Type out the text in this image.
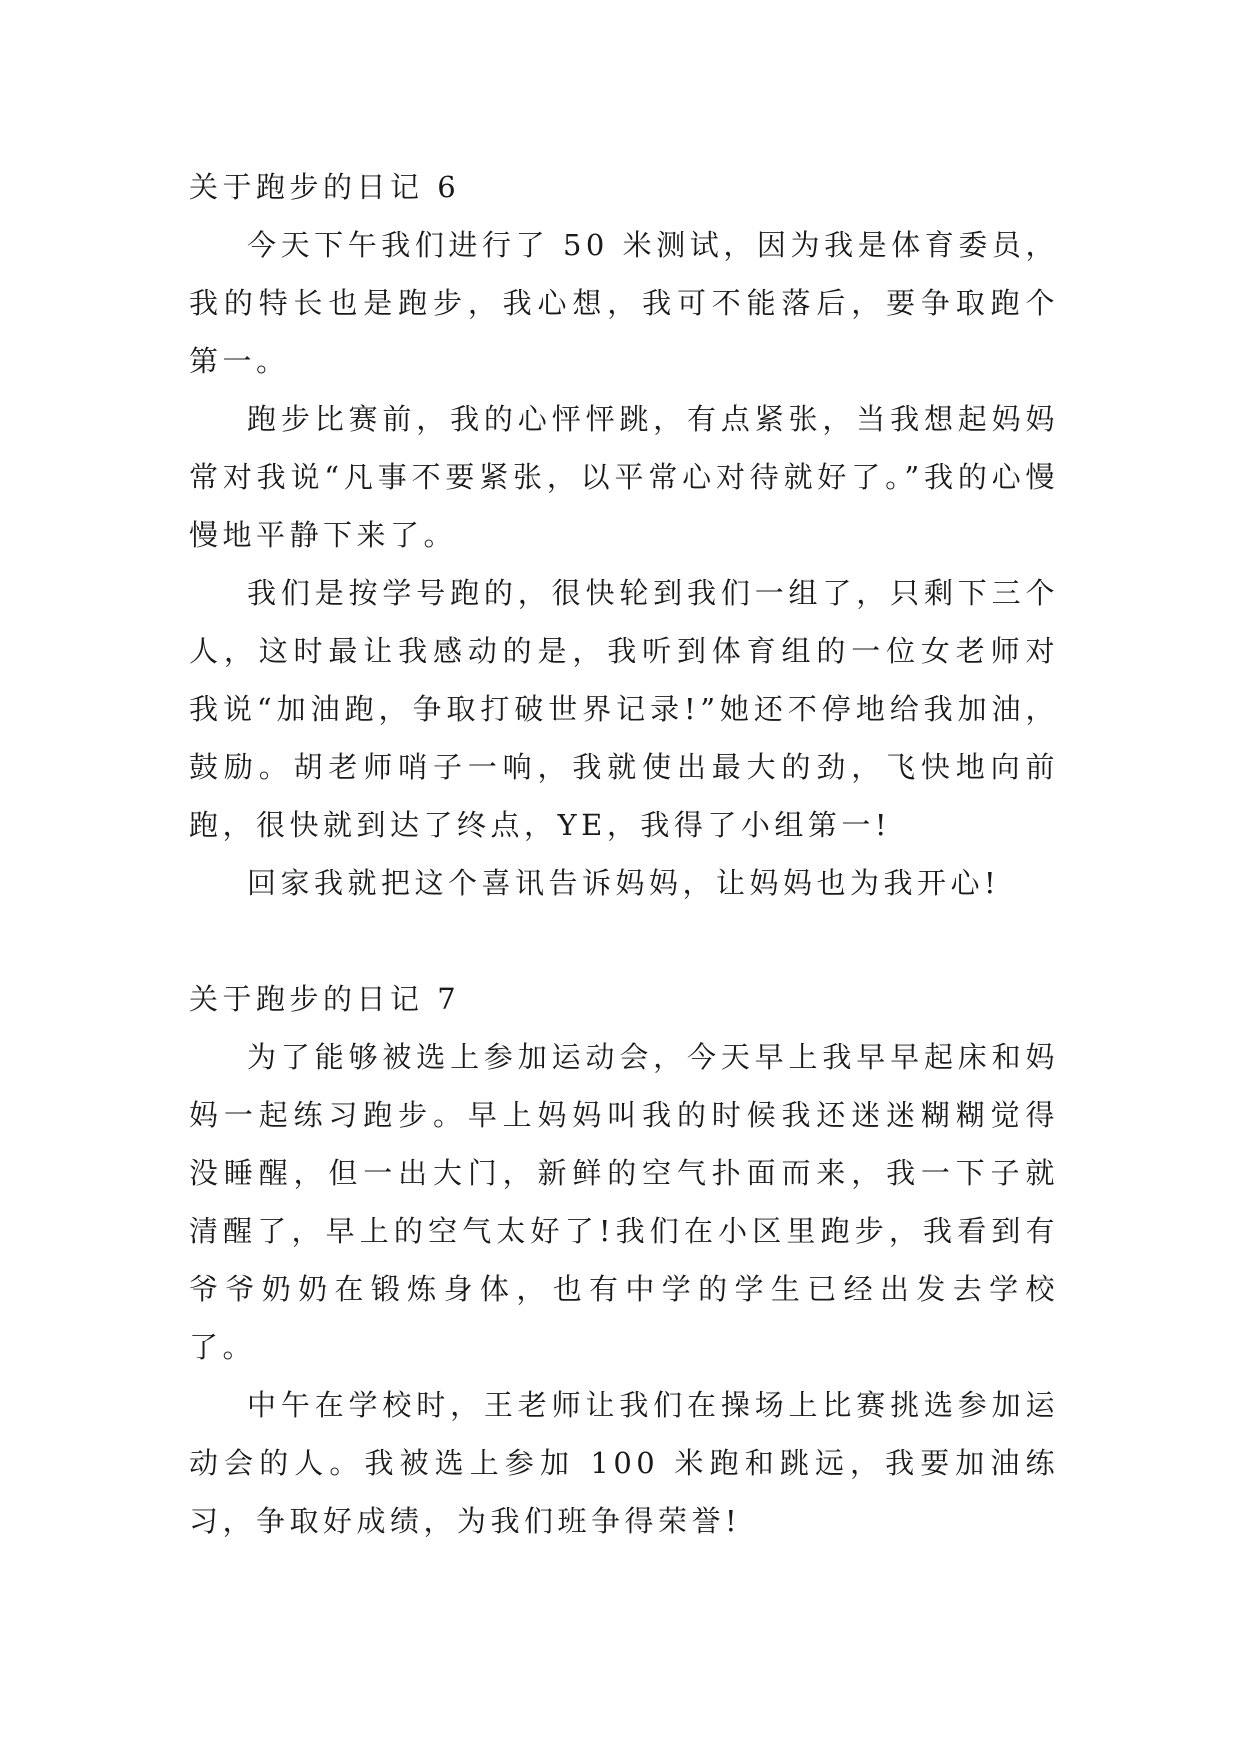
关于跑步的日记 6

今天下午我们进行了 50 米测试，因为我是体育委员，我的特长也是跑步，我心想，我可不能落后，要争取跑个第一。

跑步比赛前，我的心怦怦跳，有点紧张，当我想起妈妈常对我说“凡事不要紧张，以平常心对待就好了。”我的心慢慢地平静下来了。

我们是按学号跑的，很快轮到我们一组了，只剩下三个人，这时最让我感动的是，我听到体育组的一位女老师对我说“加油跑，争取打破世界记录!”她还不停地给我加油，鼓励。胡老师哨子一响，我就使出最大的劲，飞快地向前跑，很快就到达了终点，YE，我得了小组第一!

回家我就把这个喜讯告诉妈妈，让妈妈也为我开心!

关于跑步的日记 7

为了能够被选上参加运动会，今天早上我早早起床和妈妈一起练习跑步。早上妈妈叫我的时候我还迷迷糊糊觉得没睡醒，但一出大门，新鲜的空气扑面而来，我一下子就清醒了，早上的空气太好了!我们在小区里跑步，我看到有爷爷奶奶在锻炼身体，也有中学的学生已经出发去学校了。

中午在学校时，王老师让我们在操场上比赛挑选参加运动会的人。我被选上参加 100 米跑和跳远，我要加油练习，争取好成绩，为我们班争得荣誉!
